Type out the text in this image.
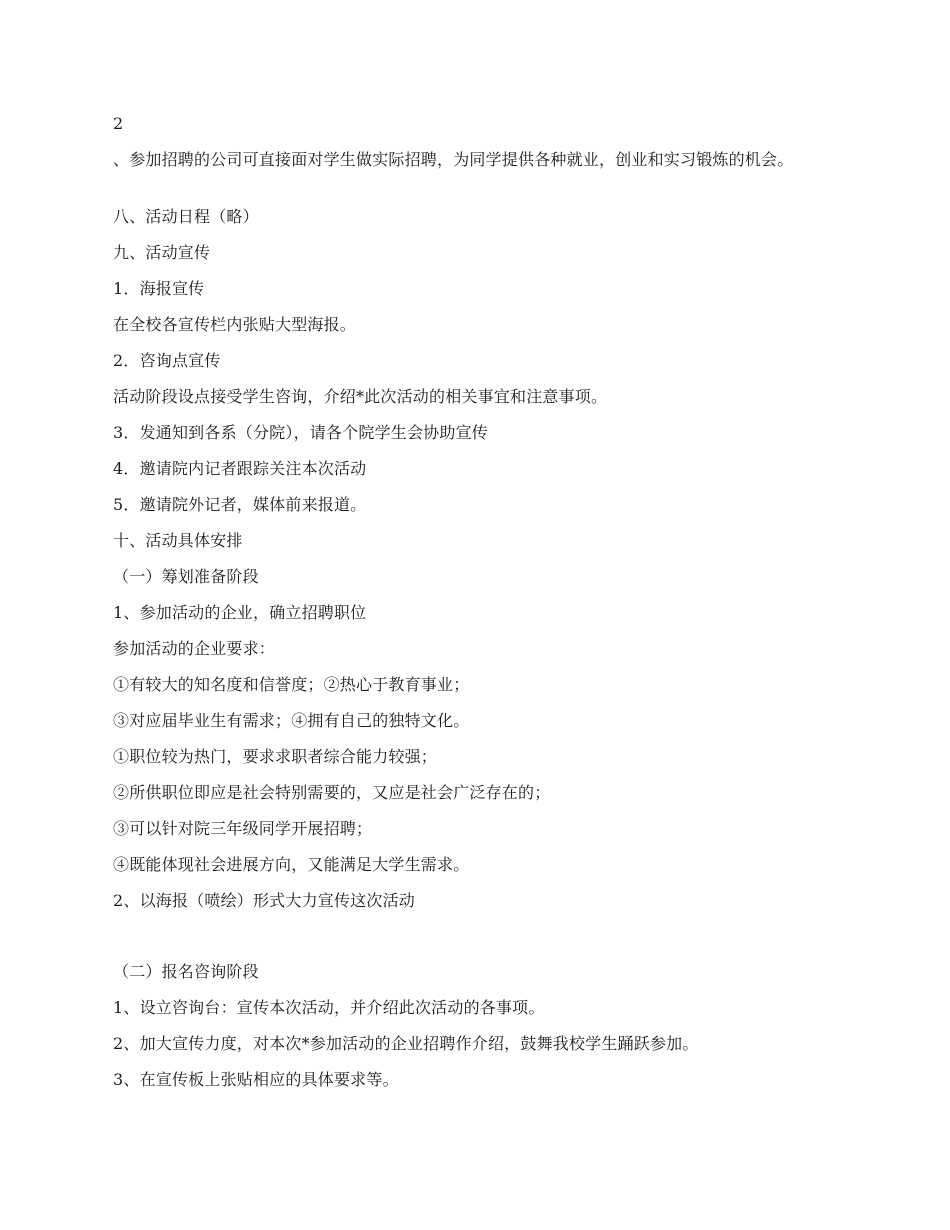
2
、参加招聘的公司可直接面对学生做实际招聘，为同学提供各种就业，创业和实习锻炼的机会。
八、活动日程（略）
九、活动宣传
1．海报宣传
在全校各宣传栏内张贴大型海报。
2．咨询点宣传
活动阶段设点接受学生咨询，介绍*此次活动的相关事宜和注意事项。
3．发通知到各系（分院），请各个院学生会协助宣传
4．邀请院内记者跟踪关注本次活动
5．邀请院外记者，媒体前来报道。
十、活动具体安排
（一）筹划准备阶段
1、参加活动的企业，确立招聘职位
参加活动的企业要求：
①有较大的知名度和信誉度；②热心于教育事业；
③对应届毕业生有需求；④拥有自己的独特文化。
①职位较为热门，要求求职者综合能力较强；
②所供职位即应是社会特别需要的，又应是社会广泛存在的；
③可以针对院三年级同学开展招聘；
④既能体现社会进展方向，又能满足大学生需求。
2、以海报（喷绘）形式大力宣传这次活动
（二）报名咨询阶段
1、设立咨询台：宣传本次活动，并介绍此次活动的各事项。
2、加大宣传力度，对本次*参加活动的企业招聘作介绍，鼓舞我校学生踊跃参加。
3、在宣传板上张贴相应的具体要求等。
